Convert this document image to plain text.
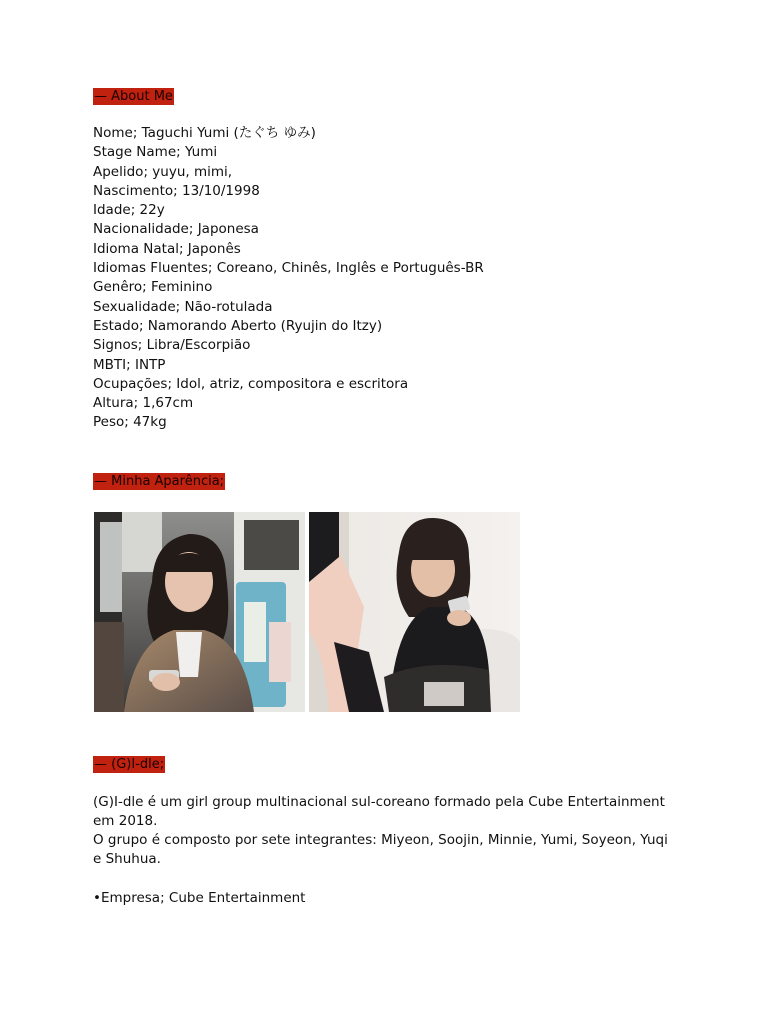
— About Me
Nome; Taguchi Yumi (たぐち ゆみ)
Stage Name; Yumi
Apelido; yuyu, mimi,
Nascimento; 13/10/1998
Idade; 22y
Nacionalidade; Japonesa
Idioma Natal; Japonês
Idiomas Fluentes; Coreano, Chinês, Inglês e Português-BR
Genêro; Feminino
Sexualidade; Não-rotulada
Estado; Namorando Aberto (Ryujin do Itzy)
Signos; Libra/Escorpião
MBTI; INTP
Ocupações; Idol, atriz, compositora e escritora
Altura; 1,67cm
Peso; 47kg
— Minha Aparência;
— (G)I-dle;

(G)I-dle é um girl group multinacional sul-coreano formado pela Cube Entertainment em 2018.

O grupo é composto por sete integrantes: Miyeon, Soojin, Minnie, Yumi, Soyeon, Yuqi e Shuhua.

•Empresa; Cube Entertainment
